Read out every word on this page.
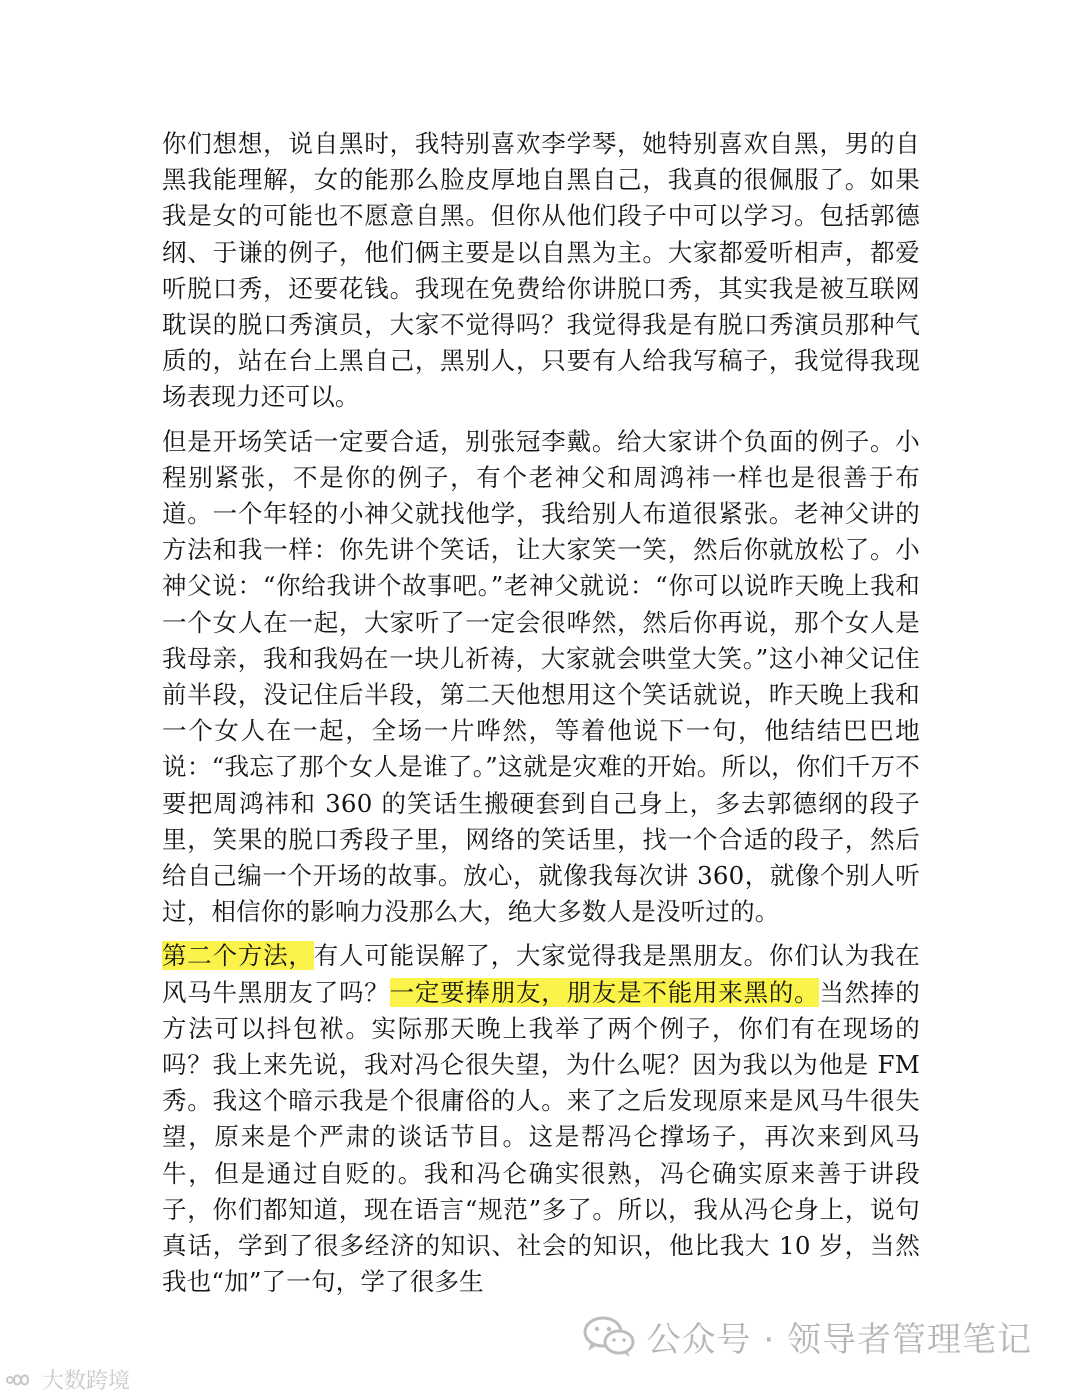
你们想想，说自黑时，我特别喜欢李学琴，她特别喜欢自黑，男的自黑我能理解，女的能那么脸皮厚地自黑自己，我真的很佩服了。如果我是女的可能也不愿意自黑。但你从他们段子中可以学习。包括郭德纲、于谦的例子，他们俩主要是以自黑为主。大家都爱听相声，都爱听脱口秀，还要花钱。我现在免费给你讲脱口秀，其实我是被互联网耽误的脱口秀演员，大家不觉得吗？我觉得我是有脱口秀演员那种气质的，站在台上黑自己，黑别人，只要有人给我写稿子，我觉得我现场表现力还可以。

但是开场笑话一定要合适，别张冠李戴。给大家讲个负面的例子。小程别紧张，不是你的例子，有个老神父和周鸿祎一样也是很善于布道。一个年轻的小神父就找他学，我给别人布道很紧张。老神父讲的方法和我一样：你先讲个笑话，让大家笑一笑，然后你就放松了。小神父说：“你给我讲个故事吧。”老神父就说：“你可以说昨天晚上我和一个女人在一起，大家听了一定会很哗然，然后你再说，那个女人是我母亲，我和我妈在一块儿祈祷，大家就会哄堂大笑。”这小神父记住前半段，没记住后半段，第二天他想用这个笑话就说，昨天晚上我和一个女人在一起，全场一片哗然，等着他说下一句，他结结巴巴地说：“我忘了那个女人是谁了。”这就是灾难的开始。所以，你们千万不要把周鸿祎和 360 的笑话生搬硬套到自己身上，多去郭德纲的段子里，笑果的脱口秀段子里，网络的笑话里，找一个合适的段子，然后给自己编一个开场的故事。放心，就像我每次讲 360，就像个别人听过，相信你的影响力没那么大，绝大多数人是没听过的。

第二个方法，有人可能误解了，大家觉得我是黑朋友。你们认为我在风马牛黑朋友了吗？一定要捧朋友，朋友是不能用来黑的。当然捧的方法可以抖包袱。实际那天晚上我举了两个例子，你们有在现场的吗？我上来先说，我对冯仑很失望，为什么呢？因为我以为他是 FM 秀。我这个暗示我是个很庸俗的人。来了之后发现原来是风马牛很失望，原来是个严肃的谈话节目。这是帮冯仑撑场子，再次来到风马牛，但是通过自贬的。我和冯仑确实很熟，冯仑确实原来善于讲段子，你们都知道，现在语言“规范”多了。所以，我从冯仑身上，说句真话，学到了很多经济的知识、社会的知识，他比我大 10 岁，当然我也“加”了一句，学了很多生

公众号 · 领导者管理笔记
大数跨境
